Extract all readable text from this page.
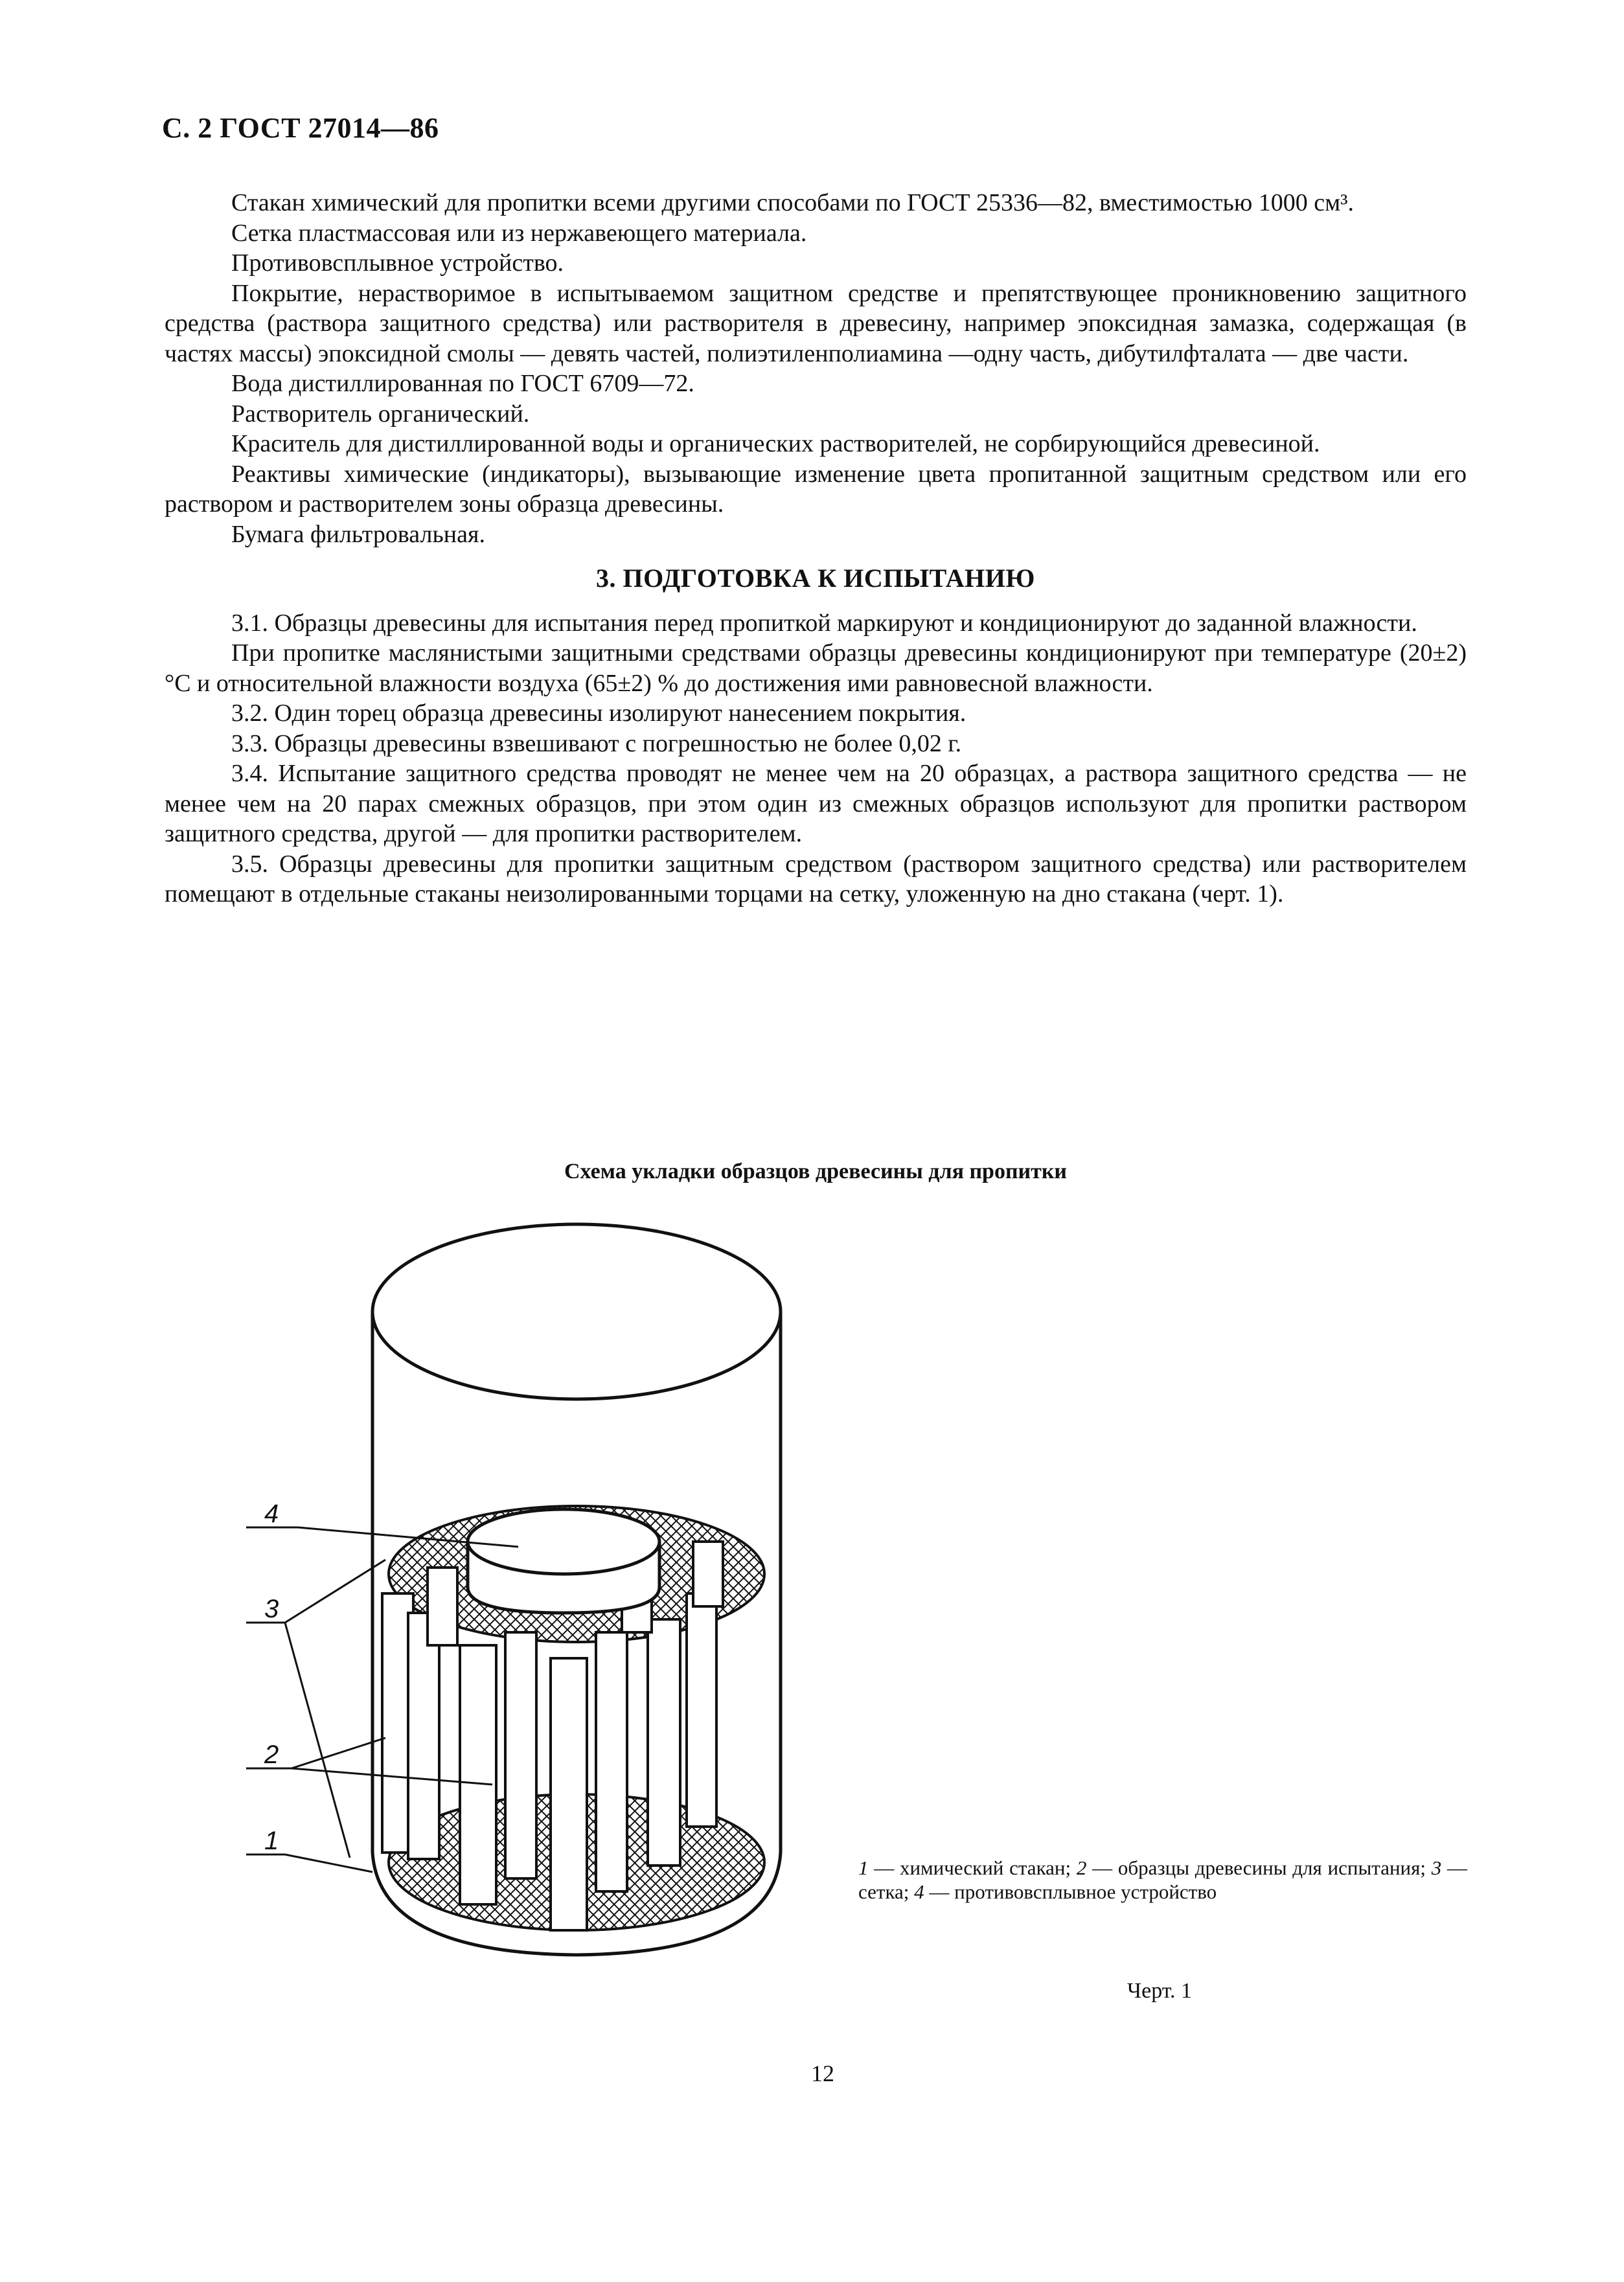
С. 2 ГОСТ 27014—86

Стакан химический для пропитки всеми другими способами по ГОСТ 25336—82, вместимостью 1000 см³.

Сетка пластмассовая или из нержавеющего материала.

Противовсплывное устройство.

Покрытие, нерастворимое в испытываемом защитном средстве и препятствующее проникновению защитного средства (раствора защитного средства) или растворителя в древесину, например эпоксидная замазка, содержащая (в частях массы) эпоксидной смолы — девять частей, полиэтиленполиамина —одну часть, дибутилфталата — две части.

Вода дистиллированная по ГОСТ 6709—72.

Растворитель органический.

Краситель для дистиллированной воды и органических растворителей, не сорбирующийся древесиной.

Реактивы химические (индикаторы), вызывающие изменение цвета пропитанной защитным средством или его раствором и растворителем зоны образца древесины.

Бумага фильтровальная.

3. ПОДГОТОВКА К ИСПЫТАНИЮ

3.1. Образцы древесины для испытания перед пропиткой маркируют и кондиционируют до заданной влажности.

При пропитке маслянистыми защитными средствами образцы древесины кондиционируют при температуре (20±2) °С и относительной влажности воздуха (65±2) % до достижения ими равновесной влажности.

3.2. Один торец образца древесины изолируют нанесением покрытия.

3.3. Образцы древесины взвешивают с погрешностью не более 0,02 г.

3.4. Испытание защитного средства проводят не менее чем на 20 образцах, а раствора защитного средства — не менее чем на 20 парах смежных образцов, при этом один из смежных образцов используют для пропитки раствором защитного средства, другой — для пропитки растворителем.

3.5. Образцы древесины для пропитки защитным средством (раствором защитного средства) или растворителем помещают в отдельные стаканы неизолированными торцами на сетку, уложенную на дно стакана (черт. 1).

Схема укладки образцов древесины для пропитки
4
3
2
1
1 — химический стакан; 2 — образцы древесины для испытания; 3 — сетка; 4 — противовсплывное устройство
Черт. 1
12
